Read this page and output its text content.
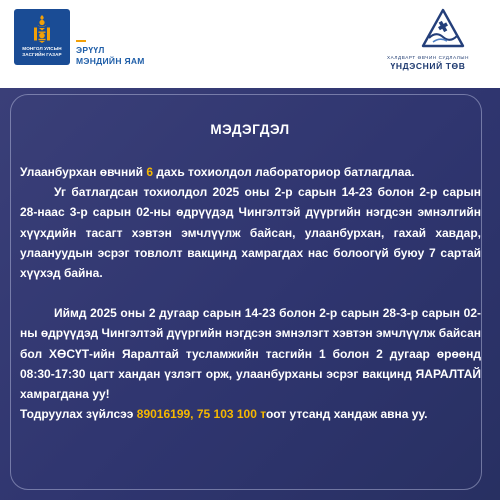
МОНГОЛ УЛСЫН
ЗАСГИЙН ГАЗАР ЭРҮҮЛ
МЭНДИЙН ЯАМ	ХАЛДВАРТ ӨВЧИН СУДЛАЛЫН
ҮНДЭСНИЙ ТӨВ
МЭДЭГДЭЛ

Улаанбурхан өвчний 6 дахь тохиолдол лабораториор батлагдлаа.

Уг батлагдсан тохиолдол 2025 оны 2-р сарын 14-23 болон 2-р сарын 28-наас 3-р сарын 02-ны өдрүүдэд Чингэлтэй дүүргийн нэгдсэн эмнэлгийн хүүхдийн тасагт хэвтэн эмчлүүлж байсан, улаанбурхан, гахай хавдар, улаануудын эсрэг товлолт вакцинд хамрагдах нас болоогүй буюу 7 сартай хүүхэд байна.

Иймд 2025 оны 2 дугаар сарын 14-23 болон 2-р сарын 28-3-р сарын 02-ны өдрүүдэд Чингэлтэй дүүргийн нэгдсэн эмнэлэгт хэвтэн эмчлүүлж байсан бол ХӨСҮТ-ийн Яаралтай тусламжийн тасгийн 1 болон 2 дугаар өрөөнд 08:30-17:30 цагт хандан үзлэгт орж, улаанбурханы эсрэг вакцинд ЯАРАЛТАЙ хамрагдана уу!

Тодруулах зүйлсээ 89016199, 75 103 100 тоот утсанд хандаж авна уу.
